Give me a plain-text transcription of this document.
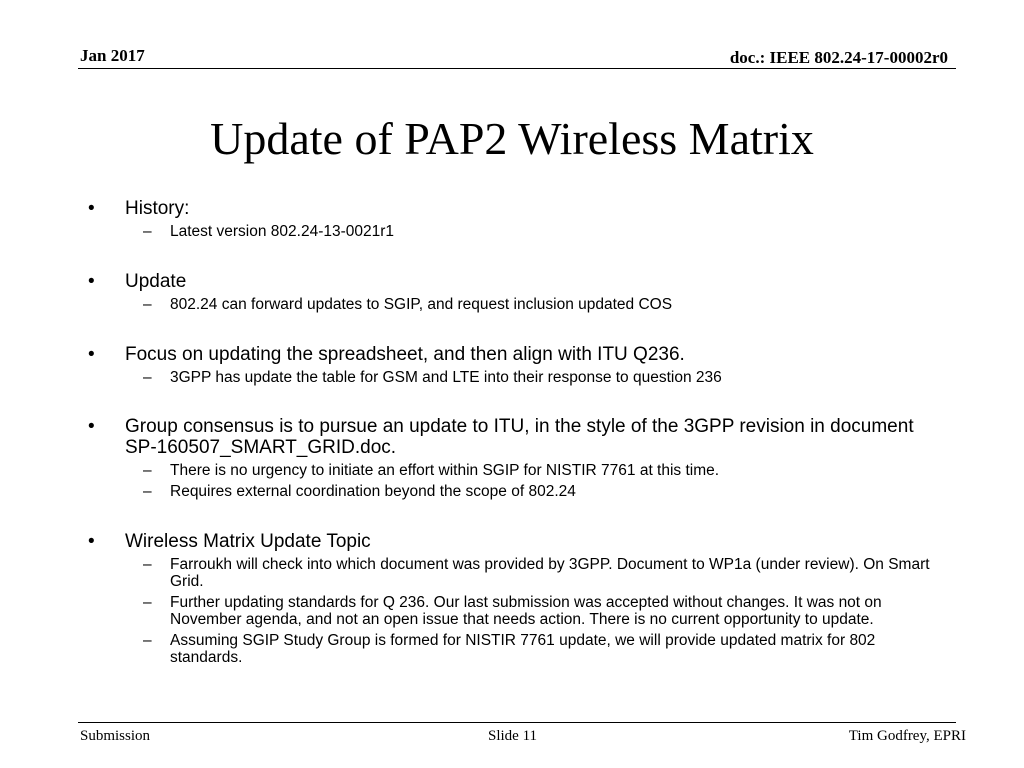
Jan 2017	doc.: IEEE 802.24-17-00002r0
Update of PAP2 Wireless Matrix
•	History:
–	Latest version 802.24-13-0021r1
•	Update
–	802.24 can forward updates to SGIP, and request inclusion updated COS
•	Focus on updating the spreadsheet, and then align with ITU Q236.
–	3GPP has update the table for GSM and LTE into their response to question 236
•	Group consensus is to pursue an update to ITU, in the style of the 3GPP revision in document SP-160507_SMART_GRID.doc.
–	There is no urgency to initiate an effort within SGIP for NISTIR 7761 at this time.
–	Requires external coordination beyond the scope of 802.24
•	Wireless Matrix Update Topic
–	Farroukh will check into which document was provided by 3GPP. Document to WP1a (under review). On Smart Grid.
–	Further updating standards for Q 236. Our last submission was accepted without changes. It was not on November agenda, and not an open issue that needs action. There is no current opportunity to update.
–	Assuming SGIP Study Group is formed for NISTIR 7761 update, we will provide updated matrix for 802 standards.
Submission	Slide 11	Tim Godfrey, EPRI
